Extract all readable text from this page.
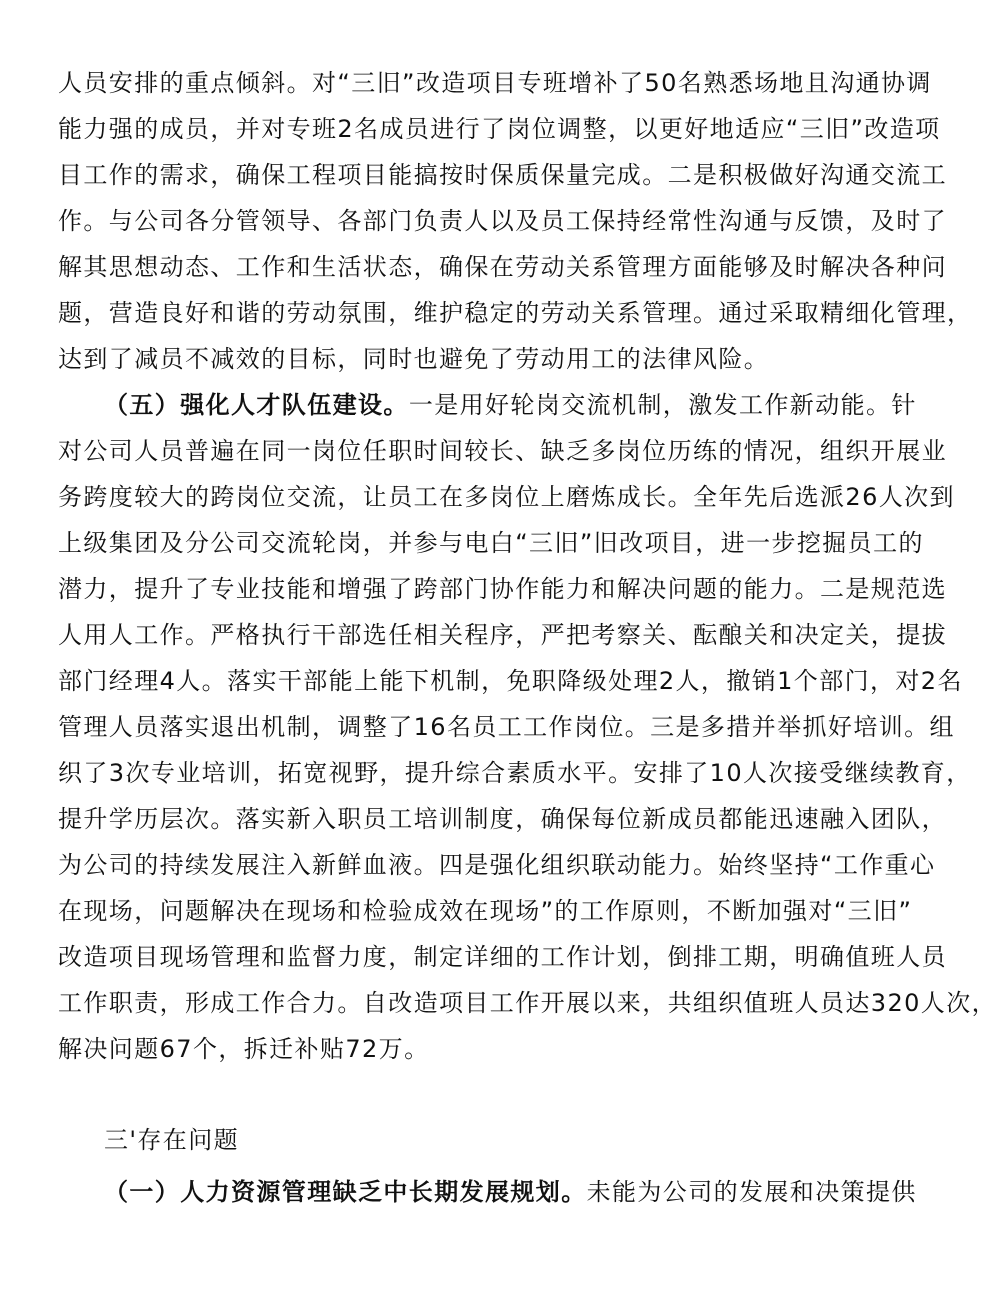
人员安排的重点倾斜。对“三旧”改造项目专班增补了50名熟悉场地且沟通协调
能力强的成员，并对专班2名成员进行了岗位调整，以更好地适应“三旧”改造项
目工作的需求，确保工程项目能搞按时保质保量完成。二是积极做好沟通交流工
作。与公司各分管领导、各部门负责人以及员工保持经常性沟通与反馈，及时了
解其思想动态、工作和生活状态，确保在劳动关系管理方面能够及时解决各种问
题，营造良好和谐的劳动氛围，维护稳定的劳动关系管理。通过采取精细化管理，
达到了减员不减效的目标，同时也避免了劳动用工的法律风险。
（五）强化人才队伍建设。一是用好轮岗交流机制，激发工作新动能。针
对公司人员普遍在同一岗位任职时间较长、缺乏多岗位历练的情况，组织开展业
务跨度较大的跨岗位交流，让员工在多岗位上磨炼成长。全年先后选派26人次到
上级集团及分公司交流轮岗，并参与电白“三旧”旧改项目，进一步挖掘员工的
潜力，提升了专业技能和增强了跨部门协作能力和解决问题的能力。二是规范选
人用人工作。严格执行干部选任相关程序，严把考察关、酝酿关和决定关，提拔
部门经理4人。落实干部能上能下机制，免职降级处理2人，撤销1个部门，对2名
管理人员落实退出机制，调整了16名员工工作岗位。三是多措并举抓好培训。组
织了3次专业培训，拓宽视野，提升综合素质水平。安排了10人次接受继续教育，
提升学历层次。落实新入职员工培训制度，确保每位新成员都能迅速融入团队，
为公司的持续发展注入新鲜血液。四是强化组织联动能力。始终坚持“工作重心
在现场，问题解决在现场和检验成效在现场”的工作原则，不断加强对“三旧”
改造项目现场管理和监督力度，制定详细的工作计划，倒排工期，明确值班人员
工作职责，形成工作合力。自改造项目工作开展以来，共组织值班人员达320人次，
解决问题67个，拆迁补贴72万。
三'存在问题
（一）人力资源管理缺乏中长期发展规划。未能为公司的发展和决策提供
